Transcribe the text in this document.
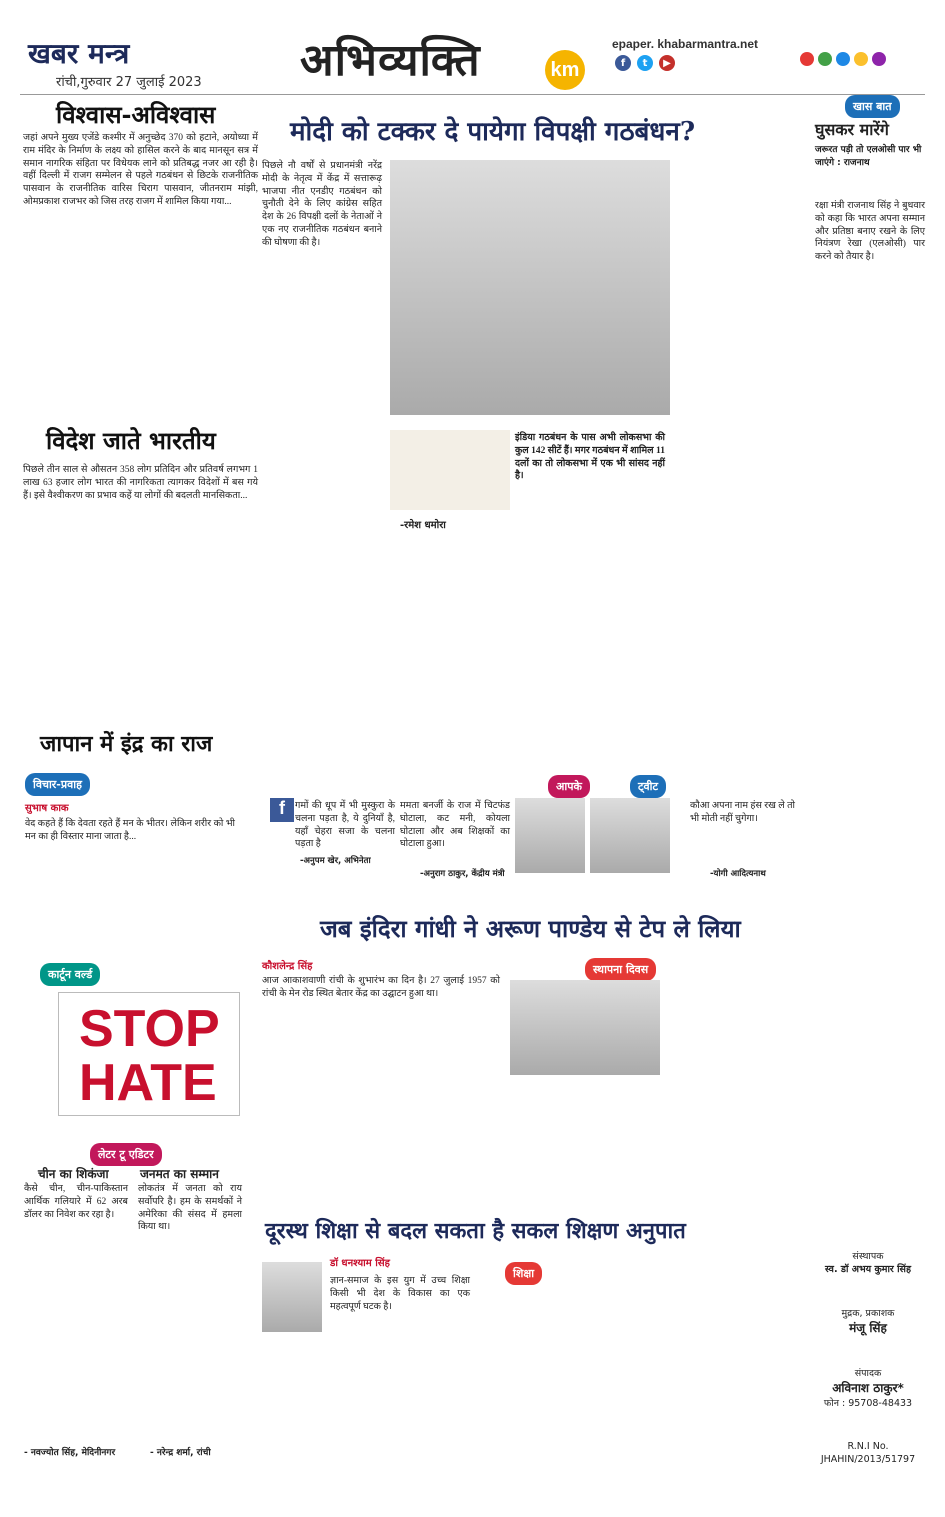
खबर मन्त्र
रांची,गुरुवार 27 जुलाई 2023 अभिव्यक्ति	km
epaper. khabarmantra.net
f	t	▶
विश्वास-अविश्वास
जहां अपने मुख्य एजेंडे कश्मीर में अनुच्छेद 370 को हटाने, अयोध्या में राम मंदिर के निर्माण के लक्ष्य को हासिल करने के बाद मानसून सत्र में समान नागरिक संहिता पर विधेयक लाने को प्रतिबद्ध नजर आ रही है। वहीं दिल्ली में राजग सम्मेलन से पहले गठबंधन से छिटके राजनीतिक पासवान के राजनीतिक वारिस चिराग पासवान, जीतनराम मांझी, ओमप्रकाश राजभर को जिस तरह राजग में शामिल किया गया...
विदेश जाते भारतीय
पिछले तीन साल से औसतन 358 लोग प्रतिदिन और प्रतिवर्ष लगभग 1 लाख 63 हजार लोग भारत की नागरिकता त्यागकर विदेशों में बस गये हैं। इसे वैश्वीकरण का प्रभाव कहें या लोगों की बदलती मानसिकता...
जापान में इंद्र का राज
विचार-प्रवाह
सुभाष काक
वेद कहते हैं कि देवता रहते हैं मन के भीतर। लेकिन शरीर को भी मन का ही विस्तार माना जाता है...
कार्टून वर्ल्ड
STOP
HATE
लेटर टू एडिटर
चीन का शिकंजा
कैसे चीन, चीन-पाकिस्तान आर्थिक गलियारे में 62 अरब डॉलर का निवेश कर रहा है।
- नवज्योत सिंह, मेदिनीनगर
जनमत का सम्मान
लोकतंत्र में जनता को राय सर्वोपरि है। हम के समर्थकों ने अमेरिका की संसद में हमला किया था।
- नरेन्द्र शर्मा, रांची
मोदी को टक्कर दे पायेगा विपक्षी गठबंधन?
पिछले नौ वर्षों से प्रधानमंत्री नरेंद्र मोदी के नेतृत्व में केंद्र में सत्तारूढ़ भाजपा नीत एनडीए गठबंधन को चुनौती देने के लिए कांग्रेस सहित देश के 26 विपक्षी दलों के नेताओं ने एक नए राजनीतिक गठबंधन बनाने की घोषणा की है।
-रमेश धमोरा
इंडिया गठबंधन के पास अभी लोकसभा की कुल 142 सीटें हैं। मगर गठबंधन में शामिल 11 दलों का तो लोकसभा में एक भी सांसद नहीं है।
खास बात
घुसकर मारेंगे
जरूरत पड़ी तो एलओसी पार भी जाएंगे : राजनाथ
रक्षा मंत्री राजनाथ सिंह ने बुधवार को कहा कि भारत अपना सम्मान और प्रतिष्ठा बनाए रखने के लिए नियंत्रण रेखा (एलओसी) पार करने को तैयार है।
f	गमों की धूप में भी मुस्कुरा के चलना पड़ता है, ये दुनियाँ है, यहाँ चेहरा सजा के चलना पड़ता है
-अनुपम खेर, अभिनेता
ममता बनर्जी के राज में चिटफंड घोटाला, कट मनी, कोयला घोटाला और अब शिक्षकों का घोटाला हुआ।
-अनुराग ठाकुर, केंद्रीय मंत्री
आपके	ट्वीट
कौआ अपना नाम हंस रख ले तो भी मोती नहीं चुगेगा।
-योगी आदित्यनाथ
जब इंदिरा गांधी ने अरूण पाण्डेय से टेप ले लिया
कौशलेन्द्र सिंह
आज आकाशवाणी रांची के शुभारंभ का दिन है। 27 जुलाई 1957 को रांची के मेन रोड स्थित बेतार केंद्र का उद्घाटन हुआ था।
स्थापना दिवस
दूरस्थ शिक्षा से बदल सकता है सकल शिक्षण अनुपात
डॉ धनश्याम सिंह
ज्ञान-समाज के इस युग में उच्च शिक्षा किसी भी देश के विकास का एक महत्वपूर्ण घटक है।
शिक्षा
संस्थापक
स्व. डॉ अभय कुमार सिंह
मुद्रक, प्रकाशक
मंजू सिंह
संपादक
अविनाश ठाकुर*
फोन : 95708-48433
R.N.I No.
JHAHIN/2013/51797
